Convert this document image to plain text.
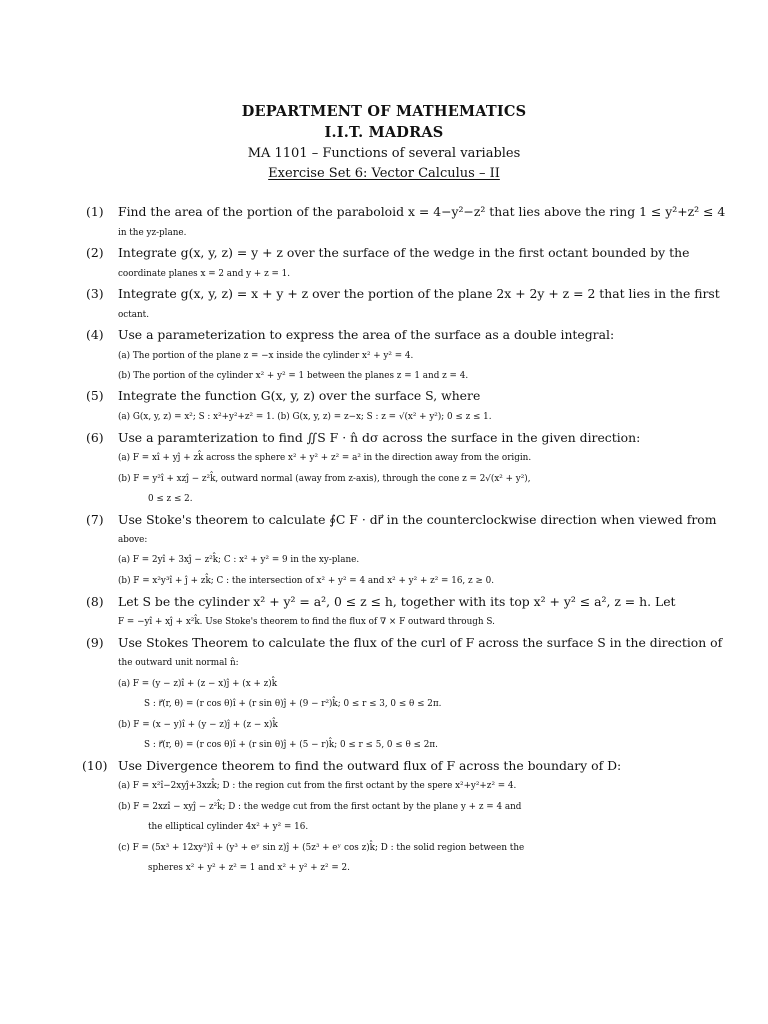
DEPARTMENT OF MATHEMATICS

I.I.T. MADRAS

MA 1101 – Functions of several variables

Exercise Set 6: Vector Calculus – II

(1) Find the area of the portion of the paraboloid x = 4−y²−z² that lies above the ring 1 ≤ y²+z² ≤ 4
in the yz-plane.
(2) Integrate g(x, y, z) = y + z over the surface of the wedge in the first octant bounded by the
coordinate planes x = 2 and y + z = 1.
(3) Integrate g(x, y, z) = x + y + z over the portion of the plane 2x + 2y + z = 2 that lies in the first
octant.
(4) Use a parameterization to express the area of the surface as a double integral:
(a) The portion of the plane z = −x inside the cylinder x² + y² = 4.
(b) The portion of the cylinder x² + y² = 1 between the planes z = 1 and z = 4.
(5) Integrate the function G(x, y, z) over the surface S, where
(a) G(x, y, z) = x²; S : x²+y²+z² = 1. (b) G(x, y, z) = z−x; S : z = √(x² + y²); 0 ≤ z ≤ 1.
(6) Use a paramterization to find ∬S F · n̂ dσ across the surface in the given direction:
(a) F = xî + yĵ + zk̂ across the sphere x² + y² + z² = a² in the direction away from the origin.
(b) F = y²î + xzĵ − z²k̂, outward normal (away from z-axis), through the cone z = 2√(x² + y²),
0 ≤ z ≤ 2.
(7) Use Stoke's theorem to calculate ∮C F · dr⃗ in the counterclockwise direction when viewed from
above:
(a) F = 2yî + 3xĵ − z²k̂; C : x² + y² = 9 in the xy-plane.
(b) F = x²y³î + ĵ + zk̂; C : the intersection of x² + y² = 4 and x² + y² + z² = 16, z ≥ 0.
(8) Let S be the cylinder x² + y² = a², 0 ≤ z ≤ h, together with its top x² + y² ≤ a², z = h. Let
F = −yî + xĵ + x²k̂. Use Stoke's theorem to find the flux of ∇ × F outward through S.
(9) Use Stokes Theorem to calculate the flux of the curl of F across the surface S in the direction of
the outward unit normal n̂:
(a) F = (y − z)î + (z − x)ĵ + (x + z)k̂
S : r⃗(r, θ) = (r cos θ)î + (r sin θ)ĵ + (9 − r²)k̂; 0 ≤ r ≤ 3, 0 ≤ θ ≤ 2π.
(b) F = (x − y)î + (y − z)ĵ + (z − x)k̂
S : r⃗(r, θ) = (r cos θ)î + (r sin θ)ĵ + (5 − r)k̂; 0 ≤ r ≤ 5, 0 ≤ θ ≤ 2π.
(10) Use Divergence theorem to find the outward flux of F across the boundary of D:
(a) F = x²î−2xyĵ+3xzk̂; D : the region cut from the first octant by the spere x²+y²+z² = 4.
(b) F = 2xzî − xyĵ − z²k̂; D : the wedge cut from the first octant by the plane y + z = 4 and
the elliptical cylinder 4x² + y² = 16.
(c) F = (5x³ + 12xy²)î + (y³ + eʸ sin z)ĵ + (5z³ + eʸ cos z)k̂; D : the solid region between the
spheres x² + y² + z² = 1 and x² + y² + z² = 2.
